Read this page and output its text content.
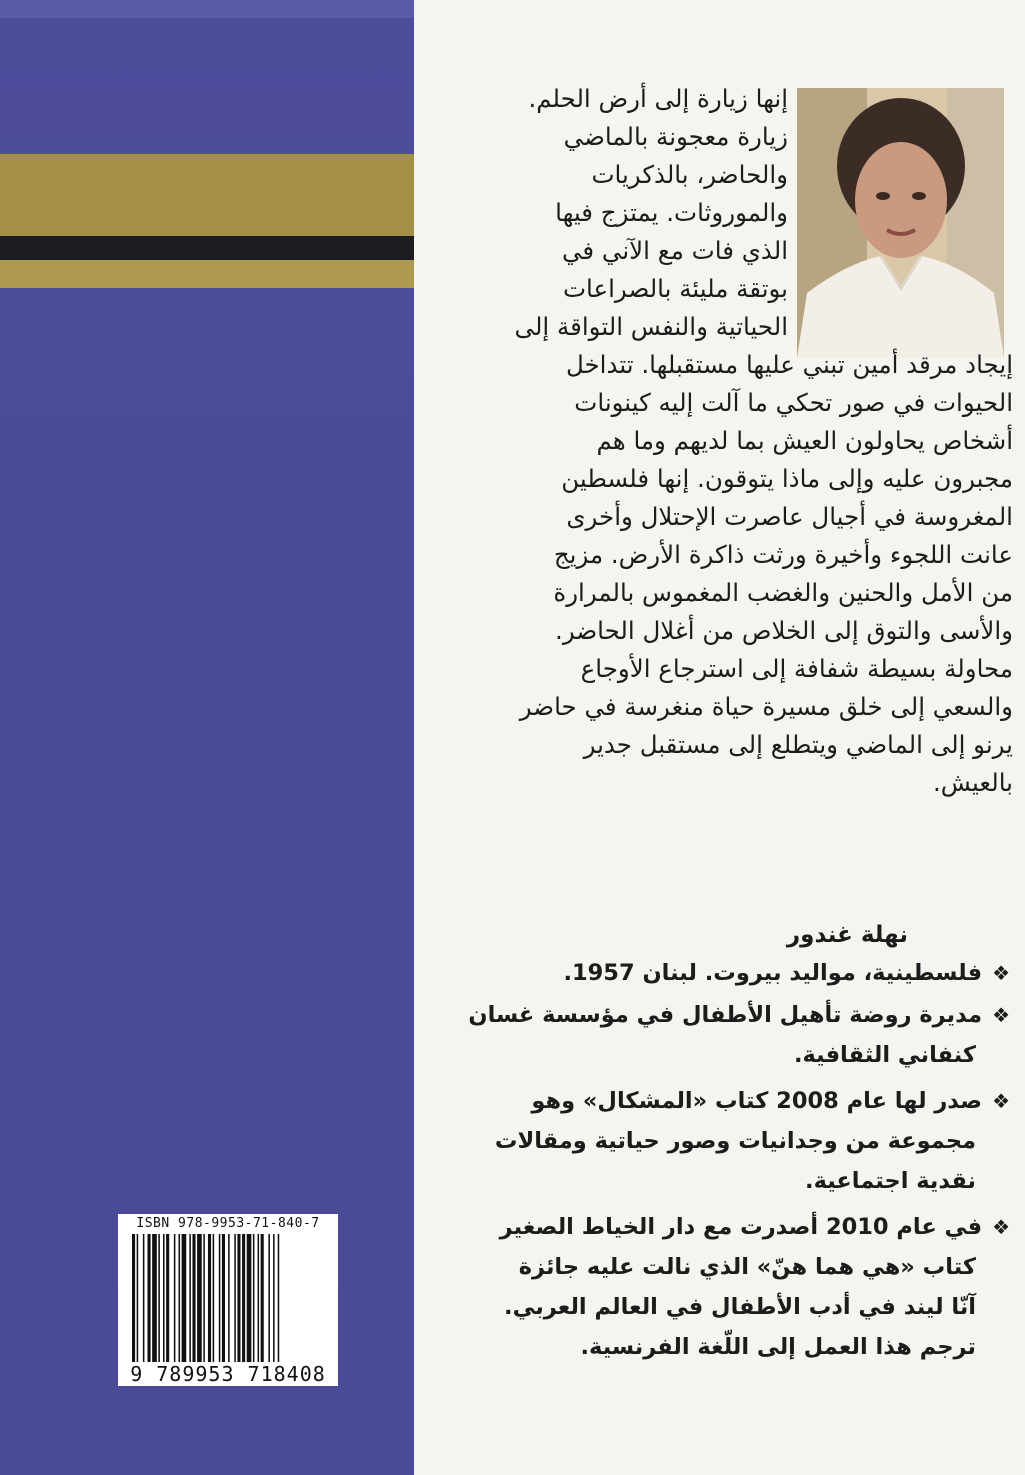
إنها زيارة إلى أرض الحلم.
زيارة معجونة بالماضي
والحاضر، بالذكريات
والموروثات. يمتزج فيها
الذي فات مع الآني في
بوتقة مليئة بالصراعات
الحياتية والنفس التواقة إلى
إيجاد مرقد أمين تبني عليها مستقبلها. تتداخل
الحيوات في صور تحكي ما آلت إليه كينونات
أشخاص يحاولون العيش بما لديهم وما هم
مجبرون عليه وإلى ماذا يتوقون. إنها فلسطين
المغروسة في أجيال عاصرت الإحتلال وأخرى
عانت اللجوء وأخيرة ورثت ذاكرة الأرض. مزيج
من الأمل والحنين والغضب المغموس بالمرارة
والأسى والتوق إلى الخلاص من أغلال الحاضر.
محاولة بسيطة شفافة إلى استرجاع الأوجاع
والسعي إلى خلق مسيرة حياة منغرسة في حاضر
يرنو إلى الماضي ويتطلع إلى مستقبل جدير
بالعيش.
نهلة غندور
❖فلسطينية، مواليد بيروت. لبنان 1957.
❖مديرة روضة تأهيل الأطفال في مؤسسة غسان
كنفاني الثقافية.
❖صدر لها عام 2008 كتاب «المشكال» وهو
مجموعة من وجدانيات وصور حياتية ومقالات
نقدية اجتماعية.
❖في عام 2010 أصدرت مع دار الخياط الصغير
كتاب «هي هما هنّ» الذي نالت عليه جائزة
آنّا ليند في أدب الأطفال في العالم العربي.
ترجم هذا العمل إلى اللّغة الفرنسية.
ISBN 978-9953-71-840-7
9 789953 718408
